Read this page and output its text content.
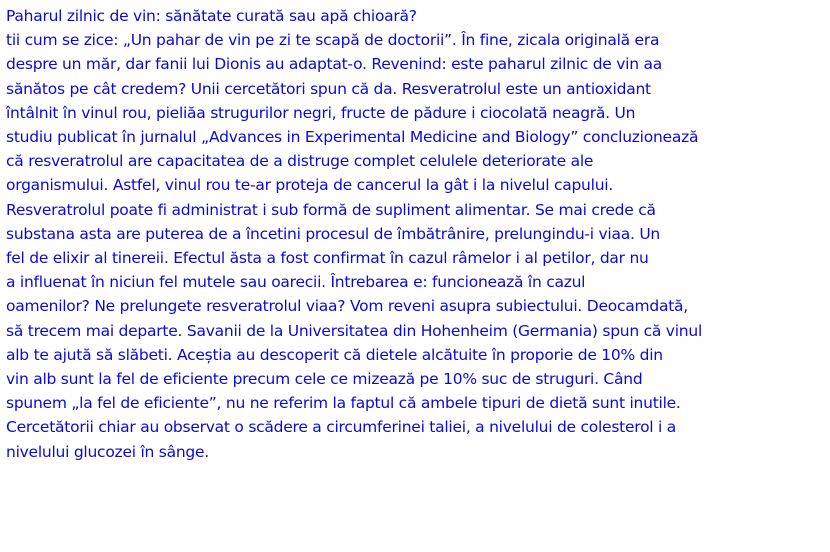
Paharul zilnic de vin: sănătate curată sau apă chioară?
tii cum se zice: „Un pahar de vin pe zi te scapă de doctorii”. În fine, zicala originală era
despre un măr, dar fanii lui Dionis au adaptat-o. Revenind: este paharul zilnic de vin aa
sănătos pe cât credem? Unii cercetători spun că da. Resveratrolul este un antioxidant
întâlnit în vinul rou, pieliăa strugurilor negri, fructe de pădure i ciocolată neagră. Un
studiu publicat în jurnalul „Advances in Experimental Medicine and Biology” concluzionează
că resveratrolul are capacitatea de a distruge complet celulele deteriorate ale
organismului. Astfel, vinul rou te-ar proteja de cancerul la gât i la nivelul capului.
Resveratrolul poate fi administrat i sub formă de supliment alimentar. Se mai crede că
substana asta are puterea de a încetini procesul de îmbătrânire, prelungindu-i viaa. Un
fel de elixir al tinereii. Efectul ăsta a fost confirmat în cazul râmelor i al petilor, dar nu
a influenat în niciun fel mutele sau oarecii. Întrebarea e: funcionează în cazul
oamenilor? Ne prelungete resveratrolul viaa? Vom reveni asupra subiectului. Deocamdată,
să trecem mai departe. Savanii de la Universitatea din Hohenheim (Germania) spun că vinul
alb te ajută să slăbeti. Aceștia au descoperit că dietele alcătuite în proporie de 10% din
vin alb sunt la fel de eficiente precum cele ce mizează pe 10% suc de struguri. Când
spunem „la fel de eficiente”, nu ne referim la faptul că ambele tipuri de dietă sunt inutile.
Cercetătorii chiar au observat o scădere a circumferinei taliei, a nivelului de colesterol i a
nivelului glucozei în sânge.
